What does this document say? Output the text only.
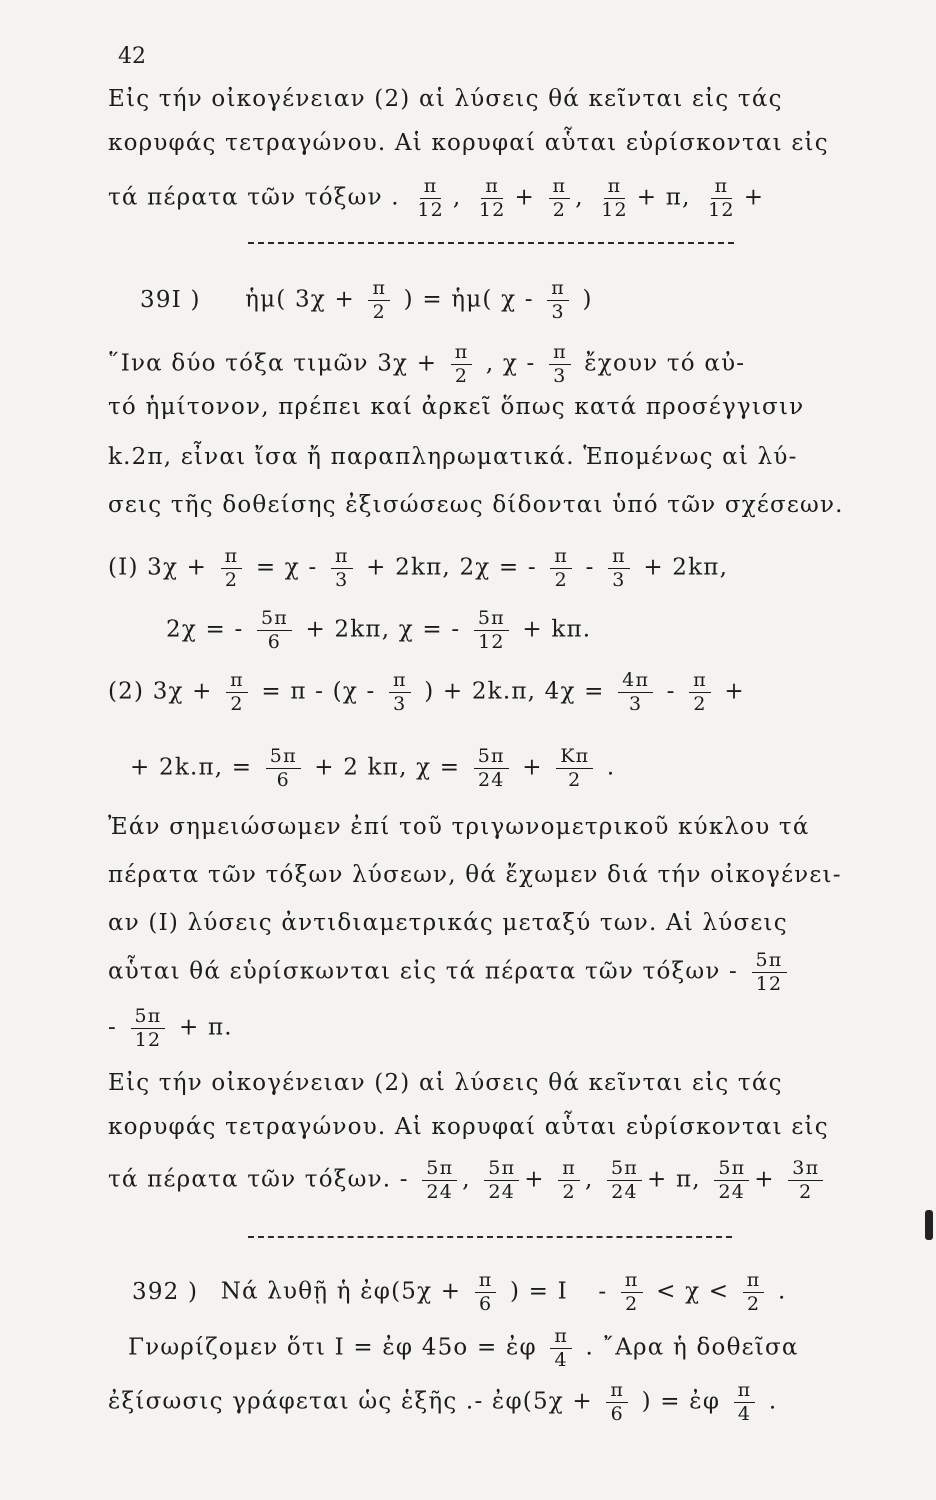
42
Εἰς τήν οἰκογένειαν (2) αἱ λύσεις θά κεῖνται εἰς τάς
κορυφάς τετραγώνου. Αἱ κορυφαί αὗται εὑρίσκονται εἰς
τά πέρατα τῶν τόξων . $\frac{\pi}{12}$ , $\frac{\pi}{12} + \frac{\pi}{2}$ , $\frac{\pi}{12} + \pi$, $\frac{\pi}{12}$ +
39I ) ἡμ( $3\chi + \frac{\pi}{2}$ ) = ἡμ( χ - $\frac{\pi}{3}$ )
῞Ινα δύο τόξα τιμῶν $3\chi + \frac{\pi}{2}$ , χ - $\frac{\pi}{3}$ ἔχουν τό αὐ-
τό ἡμίτονον, πρέπει καί ἀρκεῖ ὅπως κατά προσέγγισιν
k.2π, εἶναι ἴσα ἤ παραπληρωματικά. Ἑπομένως αἱ λύ-
σεις τῆς δοθείσης ἐξισώσεως δίδονται ὑπό τῶν σχέσεων.
(I) $3\chi + \frac{\pi}{2} = \chi - \frac{\pi}{3} + 2k\pi$, 2χ = - $\frac{\pi}{2} - \frac{\pi}{3} + 2k\pi$,
2χ = - $\frac{5\pi}{6} + 2k\pi$, χ = - $\frac{5\pi}{12} + k\pi$.
(2) $3\chi + \frac{\pi}{2} = \pi - (\chi - \frac{\pi}{3}$ ) + 2k.π, $4\chi = \frac{4\pi}{3} - \frac{\pi}{2}$ +
+ 2k.π, = $\frac{5\pi}{6} + 2$ kπ, $\chi = \frac{5\pi}{24} + \frac{K\pi}{2}$ .
Ἐάν σημειώσωμεν ἐπί τοῦ τριγωνομετρικοῦ κύκλου τά
πέρατα τῶν τόξων λύσεων, θά ἔχωμεν διά τήν οἰκογένει-
αν (I) λύσεις ἀντιδιαμετρικάς μεταξύ των. Αἱ λύσεις
αὗται θά εὑρίσκωνται εἰς τά πέρατα τῶν τόξων - $\frac{5\pi}{12}$
- $\frac{5\pi}{12} + \pi$.
Εἰς τήν οἰκογένειαν (2) αἱ λύσεις θά κεῖνται εἰς τάς
κορυφάς τετραγώνου. Αἱ κορυφαί αὗται εὑρίσκονται εἰς
τά πέρατα τῶν τόξων. - $\frac{5\pi}{24}$ , $\frac{5\pi}{24} + \frac{\pi}{2}$ , $\frac{5\pi}{24} + \pi$, $\frac{5\pi}{24} + \frac{3\pi}{2}$
392 ) Νά λυθῇ ἡ ἐφ(5χ + $\frac{\pi}{6}$ ) = $I - \frac{\pi}{2} < \chi < \frac{\pi}{2}$ .
Γνωρίζομεν ὅτι I = ἐφ 45ο = ἐφ $\frac{\pi}{4}$ . ῎Αρα ἡ δοθεῖσα
ἐξίσωσις γράφεται ὡς ἑξῆς .- ἐφ(5χ + $\frac{\pi}{6}$ ) = ἐφ $\frac{\pi}{4}$ .
